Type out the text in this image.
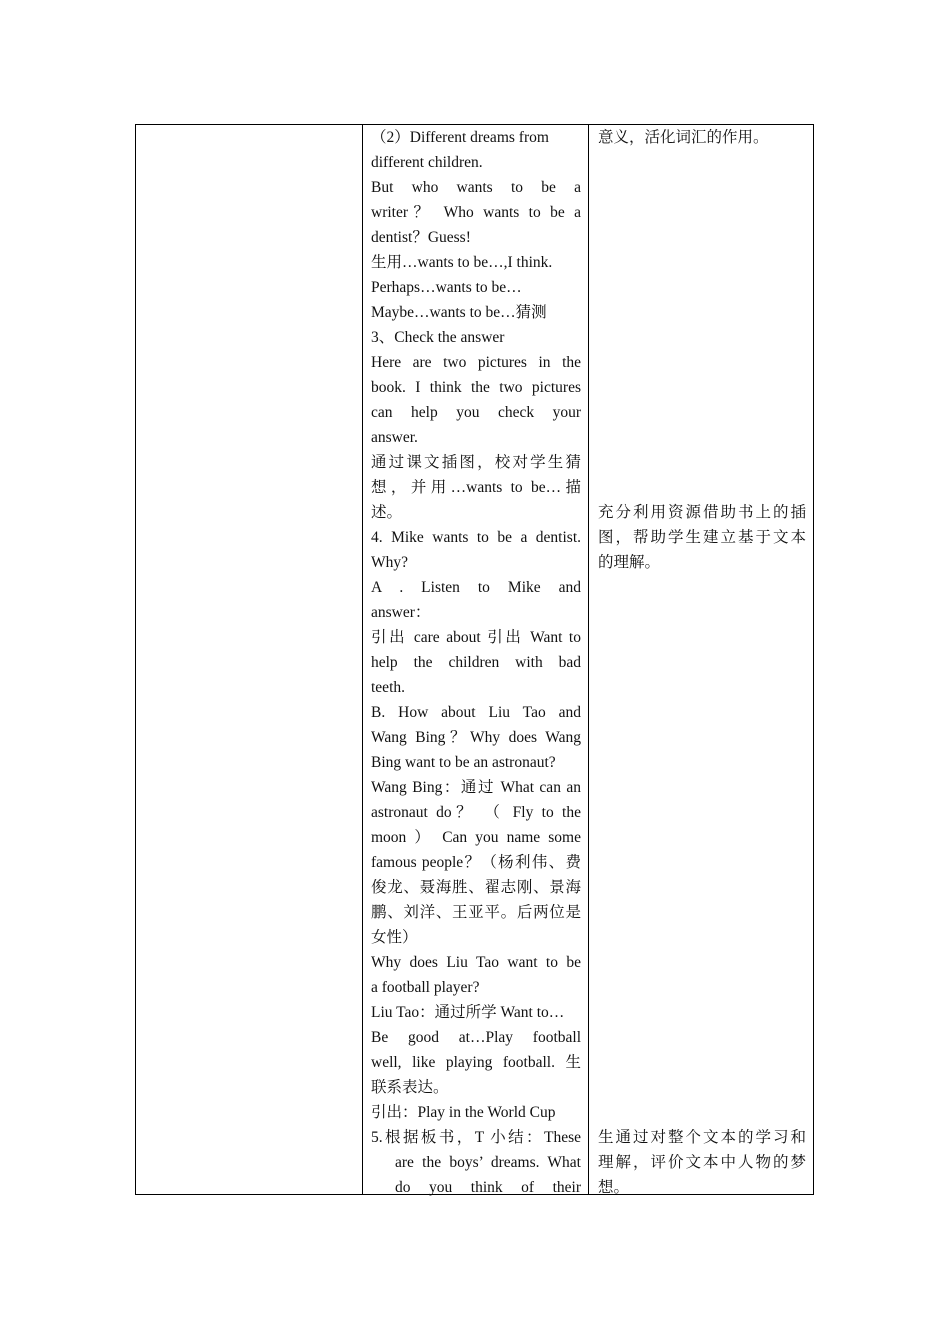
（2）Different dreams from
different children.
But who wants to be a
writer？ Who wants to be a
dentist？Guess!
生用…wants to be…,I think.
Perhaps…wants to be…
Maybe…wants to be…猜测
3、Check the answer
Here are two pictures in the
book. I think the two pictures
can help you check your
answer.
通过课文插图，校对学生猜
想，并用…wants to be…描
述。
4. Mike wants to be a dentist.
Why?
A . Listen to Mike and
answer：
引出 care about 引出 Want to
help the children with bad
teeth.
B. How about Liu Tao and
Wang Bing？Why does Wang
Bing want to be an astronaut?
Wang Bing：通过 What can an
astronaut do？ （ Fly to the
moon ） Can you name some
famous people？（杨利伟、费
俊龙、聂海胜、翟志刚、景海
鹏、刘洋、王亚平。后两位是
女性）
Why does Liu Tao want to be
a football player?
Liu Tao：通过所学 Want to…
Be good at…Play football
well, like playing football. 生
联系表达。
引出：Play in the World Cup
5.根据板书，T 小结：These
are the boys’ dreams. What
do you think of their
意义，活化词汇的作用。
充分利用资源借助书上的插
图，帮助学生建立基于文本
的理解。
生通过对整个文本的学习和
理解，评价文本中人物的梦
想。
